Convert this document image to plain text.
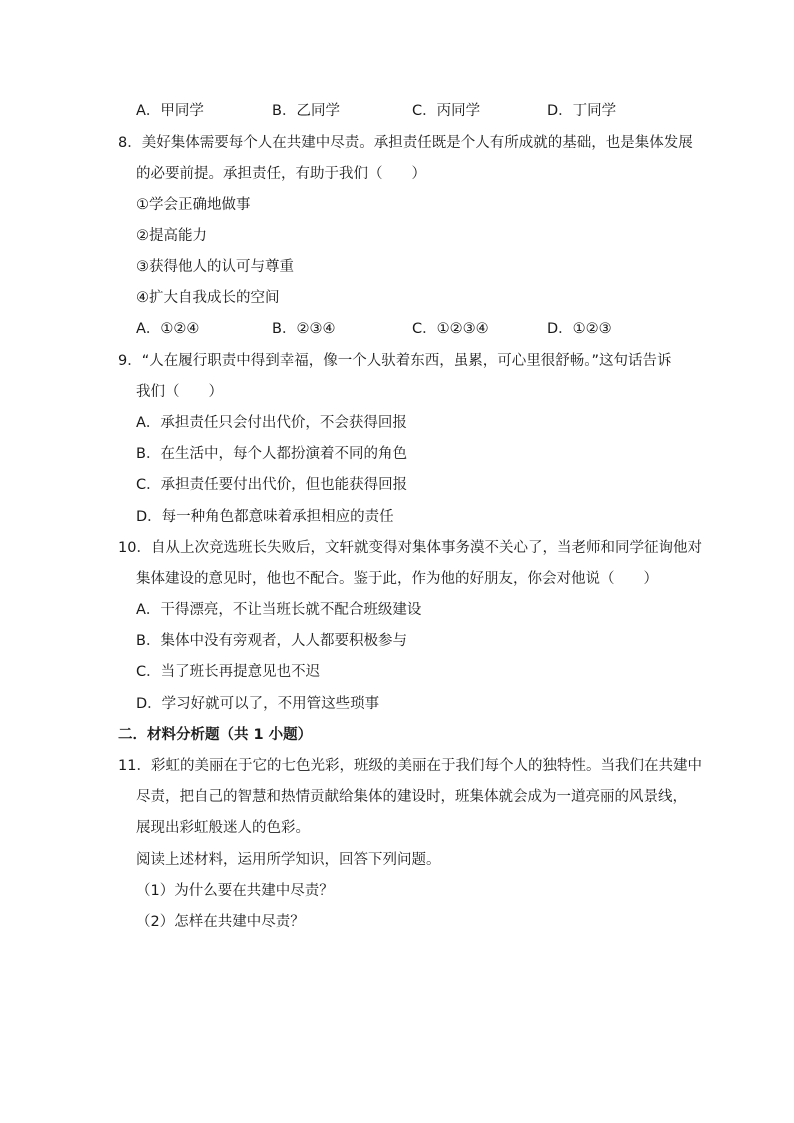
A．甲同学	B．乙同学	C．丙同学	D．丁同学
8．美好集体需要每个人在共建中尽责。承担责任既是个人有所成就的基础，也是集体发展
的必要前提。承担责任，有助于我们（　　）
①学会正确地做事
②提高能力
③获得他人的认可与尊重
④扩大自我成长的空间
A．①②④	B．②③④	C．①②③④	D．①②③
9．“人在履行职责中得到幸福，像一个人驮着东西，虽累，可心里很舒畅。”这句话告诉
我们（　　）
A．承担责任只会付出代价，不会获得回报
B．在生活中，每个人都扮演着不同的角色
C．承担责任要付出代价，但也能获得回报
D．每一种角色都意味着承担相应的责任
10．自从上次竞选班长失败后，文轩就变得对集体事务漠不关心了，当老师和同学征询他对
集体建设的意见时，他也不配合。鉴于此，作为他的好朋友，你会对他说（　　）
A．干得漂亮，不让当班长就不配合班级建设
B．集体中没有旁观者，人人都要积极参与
C．当了班长再提意见也不迟
D．学习好就可以了，不用管这些琐事
二．材料分析题（共 1 小题）
11．彩虹的美丽在于它的七色光彩，班级的美丽在于我们每个人的独特性。当我们在共建中
尽责，把自己的智慧和热情贡献给集体的建设时，班集体就会成为一道亮丽的风景线，
展现出彩虹般迷人的色彩。
阅读上述材料，运用所学知识，回答下列问题。
（1）为什么要在共建中尽责？
（2）怎样在共建中尽责？
